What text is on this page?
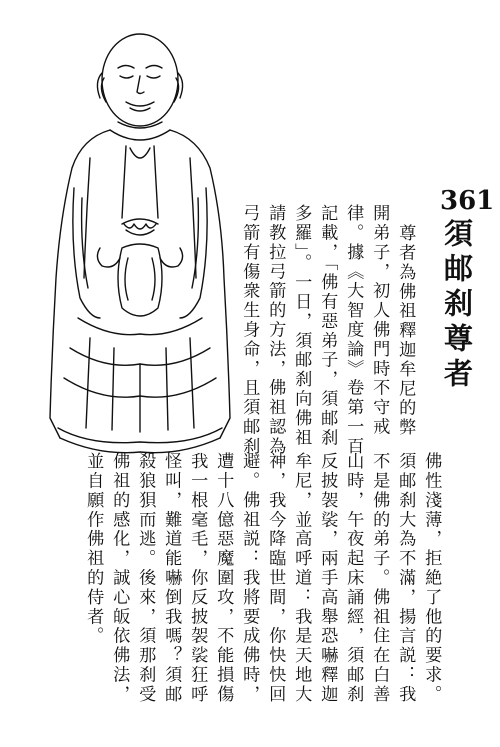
361
須邮刹尊者
尊者為佛祖釋迦牟尼的弊
開弟子，初人佛門時不守戒
律。據《大智度論》卷第一百
記載，「佛有惡弟子，須邮刹
多羅」。一日，須邮刹向佛祖
請教拉弓箭的方法，佛祖認為
弓箭有傷衆生身命，且須邮刹
佛性淺薄，拒絶了他的要求。
須邮刹大為不滿，揚言説：我
不是佛的弟子。佛祖住在白善
山時，午夜起床誦經，須邮刹
反披袈裟，兩手高舉恐嚇釋迦
牟尼，並高呼道：我是天地大
神，我今降臨世間，你快快回
避。佛祖説：我將要成佛時，
遭十八億惡魔圍攻，不能損傷
我一根毫毛，你反披袈裟狂呼
怪叫，難道能嚇倒我嗎？須邮
殺狼狽而逃。後來，須那刹受
佛祖的感化，誠心皈依佛法，
並自願作佛祖的侍者。
